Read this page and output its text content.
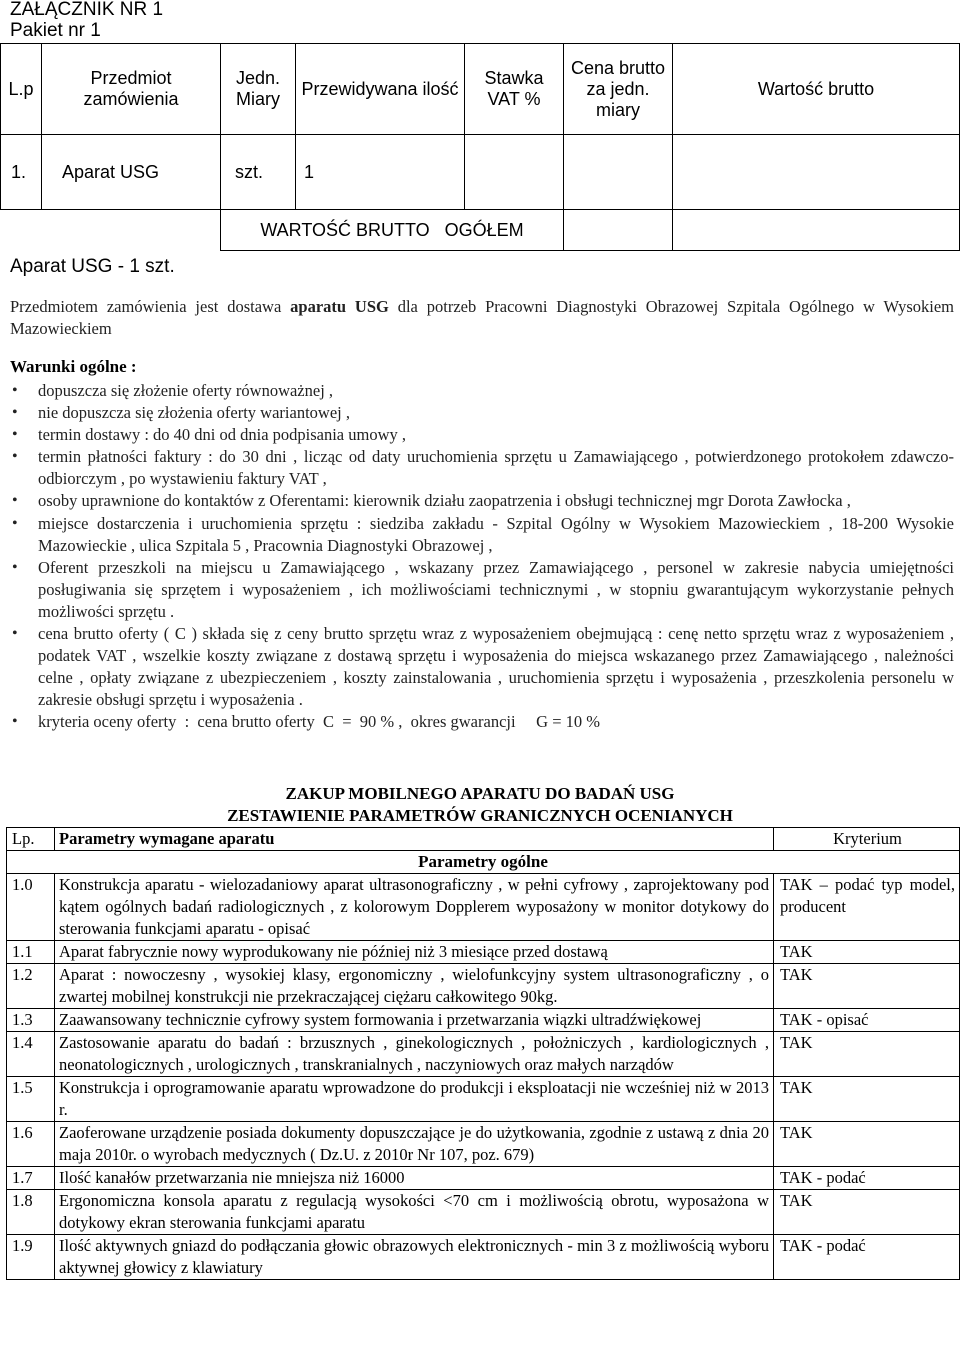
ZAŁĄCZNIK NR 1
Pakiet nr 1
L.p	Przedmiot zamówienia	Jedn. Miary	Przewidywana ilość	Stawka VAT %	Cena brutto za jedn. miary	Wartość brutto
1.	Aparat USG	szt.	1			
		WARTOŚĆ BRUTTO   OGÓŁEM				
Aparat USG - 1 szt.
Przedmiotem zamówienia jest dostawa aparatu USG dla potrzeb Pracowni Diagnostyki Obrazowej Szpitala Ogólnego w Wysokiem Mazowieckiem
Warunki ogólne :
• dopuszcza się złożenie oferty równoważnej ,
• nie dopuszcza się złożenia oferty wariantowej ,
• termin dostawy : do 40 dni od dnia podpisania umowy ,
• termin płatności faktury : do 30 dni , licząc od daty uruchomienia sprzętu u Zamawiającego , potwierdzonego protokołem zdawczo-odbiorczym , po wystawieniu faktury VAT ,
• osoby uprawnione do kontaktów z Oferentami: kierownik działu zaopatrzenia i obsługi technicznej mgr Dorota Zawłocka ,
• miejsce dostarczenia i uruchomienia sprzętu : siedziba zakładu - Szpital Ogólny w Wysokiem Mazowieckiem , 18-200 Wysokie Mazowieckie , ulica Szpitala 5 , Pracownia Diagnostyki Obrazowej ,
• Oferent przeszkoli na miejscu u Zamawiającego , wskazany przez Zamawiającego , personel w zakresie nabycia umiejętności posługiwania się sprzętem i wyposażeniem , ich możliwościami technicznymi , w stopniu gwarantującym wykorzystanie pełnych możliwości sprzętu .
• cena brutto oferty ( C ) składa się z ceny brutto sprzętu wraz z wyposażeniem obejmującą : cenę netto sprzętu wraz z wyposażeniem , podatek VAT , wszelkie koszty związane z dostawą sprzętu i wyposażenia do miejsca wskazanego przez Zamawiającego , należności celne , opłaty związane z ubezpieczeniem , koszty zainstalowania , uruchomienia sprzętu i wyposażenia , przeszkolenia personelu w zakresie obsługi sprzętu i wyposażenia .
• kryteria oceny oferty  :  cena brutto oferty  C  =  90 % ,  okres gwarancji     G = 10 %
ZAKUP MOBILNEGO APARATU DO BADAŃ USG
ZESTAWIENIE PARAMETRÓW GRANICZNYCH OCENIANYCH
Lp.	Parametry wymagane aparatu	Kryterium
Parametry ogólne		
1.0	Konstrukcja aparatu - wielozadaniowy aparat ultrasonograficzny , w pełni cyfrowy , zaprojektowany pod kątem ogólnych badań radiologicznych , z kolorowym Dopplerem wyposażony w monitor dotykowy do sterowania funkcjami aparatu - opisać	TAK – podać typ model, producent
1.1	Aparat fabrycznie nowy wyprodukowany nie później niż 3 miesiące przed dostawą	TAK
1.2	Aparat : nowoczesny , wysokiej klasy, ergonomiczny , wielofunkcyjny system ultrasonograficzny , o zwartej mobilnej konstrukcji nie przekraczającej ciężaru całkowitego 90kg.	TAK
1.3	Zaawansowany technicznie cyfrowy system formowania i przetwarzania wiązki ultradźwiękowej	TAK - opisać
1.4	Zastosowanie aparatu do badań : brzusznych , ginekologicznych , położniczych , kardiologicznych , neonatologicznych , urologicznych , transkranialnych , naczyniowych oraz małych narządów	TAK
1.5	Konstrukcja i oprogramowanie aparatu wprowadzone do produkcji i eksploatacji nie wcześniej niż w 2013 r.	TAK
1.6	Zaoferowane urządzenie posiada dokumenty dopuszczające je do użytkowania, zgodnie z ustawą z dnia 20 maja 2010r. o wyrobach medycznych ( Dz.U. z 2010r Nr 107, poz. 679)	TAK
1.7	Ilość kanałów przetwarzania nie mniejsza niż 16000	TAK - podać
1.8	Ergonomiczna konsola aparatu z regulacją wysokości <70 cm i możliwością obrotu, wyposażona w dotykowy ekran sterowania funkcjami aparatu	TAK
1.9	Ilość aktywnych gniazd do podłączania głowic obrazowych elektronicznych - min 3 z możliwością wyboru aktywnej głowicy z klawiatury	TAK - podać
